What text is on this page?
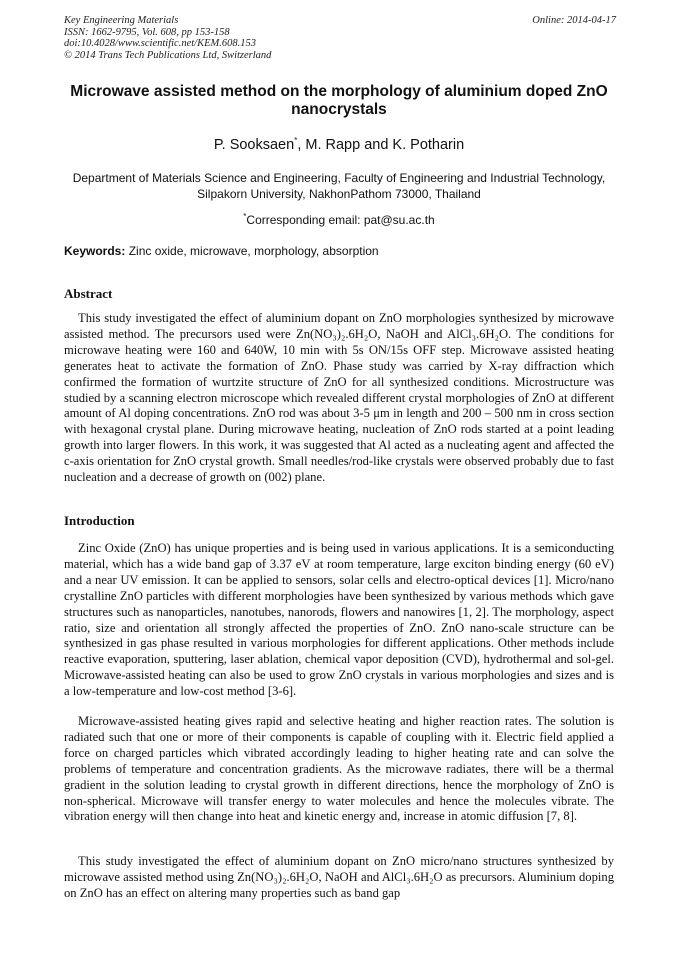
Key Engineering Materials
ISSN: 1662-9795, Vol. 608, pp 153-158
doi:10.4028/www.scientific.net/KEM.608.153
© 2014 Trans Tech Publications Ltd, Switzerland
Online: 2014-04-17
Microwave assisted method on the morphology of aluminium doped ZnO nanocrystals
P. Sooksaen*, M. Rapp and K. Potharin
Department of Materials Science and Engineering, Faculty of Engineering and Industrial Technology, Silpakorn University, NakhonPathom 73000, Thailand
*Corresponding email: pat@su.ac.th
Keywords: Zinc oxide, microwave, morphology, absorption
Abstract
This study investigated the effect of aluminium dopant on ZnO morphologies synthesized by microwave assisted method. The precursors used were Zn(NO₃)₂.6H₂O, NaOH and AlCl₃.6H₂O. The conditions for microwave heating were 160 and 640W, 10 min with 5s ON/15s OFF step. Microwave assisted heating generates heat to activate the formation of ZnO. Phase study was carried by X-ray diffraction which confirmed the formation of wurtzite structure of ZnO for all synthesized conditions. Microstructure was studied by a scanning electron microscope which revealed different crystal morphologies of ZnO at different amount of Al doping concentrations. ZnO rod was about 3-5 μm in length and 200 – 500 nm in cross section with hexagonal crystal plane. During microwave heating, nucleation of ZnO rods started at a point leading growth into larger flowers. In this work, it was suggested that Al acted as a nucleating agent and affected the c-axis orientation for ZnO crystal growth. Small needles/rod-like crystals were observed probably due to fast nucleation and a decrease of growth on (002) plane.
Introduction
Zinc Oxide (ZnO) has unique properties and is being used in various applications. It is a semiconducting material, which has a wide band gap of 3.37 eV at room temperature, large exciton binding energy (60 eV) and a near UV emission. It can be applied to sensors, solar cells and electro-optical devices [1]. Micro/nano crystalline ZnO particles with different morphologies have been synthesized by various methods which gave structures such as nanoparticles, nanotubes, nanorods, flowers and nanowires [1, 2]. The morphology, aspect ratio, size and orientation all strongly affected the properties of ZnO. ZnO nano-scale structure can be synthesized in gas phase resulted in various morphologies for different applications. Other methods include reactive evaporation, sputtering, laser ablation, chemical vapor deposition (CVD), hydrothermal and sol-gel. Microwave-assisted heating can also be used to grow ZnO crystals in various morphologies and sizes and is a low-temperature and low-cost method [3-6].
Microwave-assisted heating gives rapid and selective heating and higher reaction rates. The solution is radiated such that one or more of their components is capable of coupling with it. Electric field applied a force on charged particles which vibrated accordingly leading to higher heating rate and can solve the problems of temperature and concentration gradients. As the microwave radiates, there will be a thermal gradient in the solution leading to crystal growth in different directions, hence the morphology of ZnO is non-spherical. Microwave will transfer energy to water molecules and hence the molecules vibrate. The vibration energy will then change into heat and kinetic energy and, increase in atomic diffusion [7, 8].
This study investigated the effect of aluminium dopant on ZnO micro/nano structures synthesized by microwave assisted method using Zn(NO₃)₂.6H₂O, NaOH and AlCl₃.6H₂O as precursors. Aluminium doping on ZnO has an effect on altering many properties such as band gap
